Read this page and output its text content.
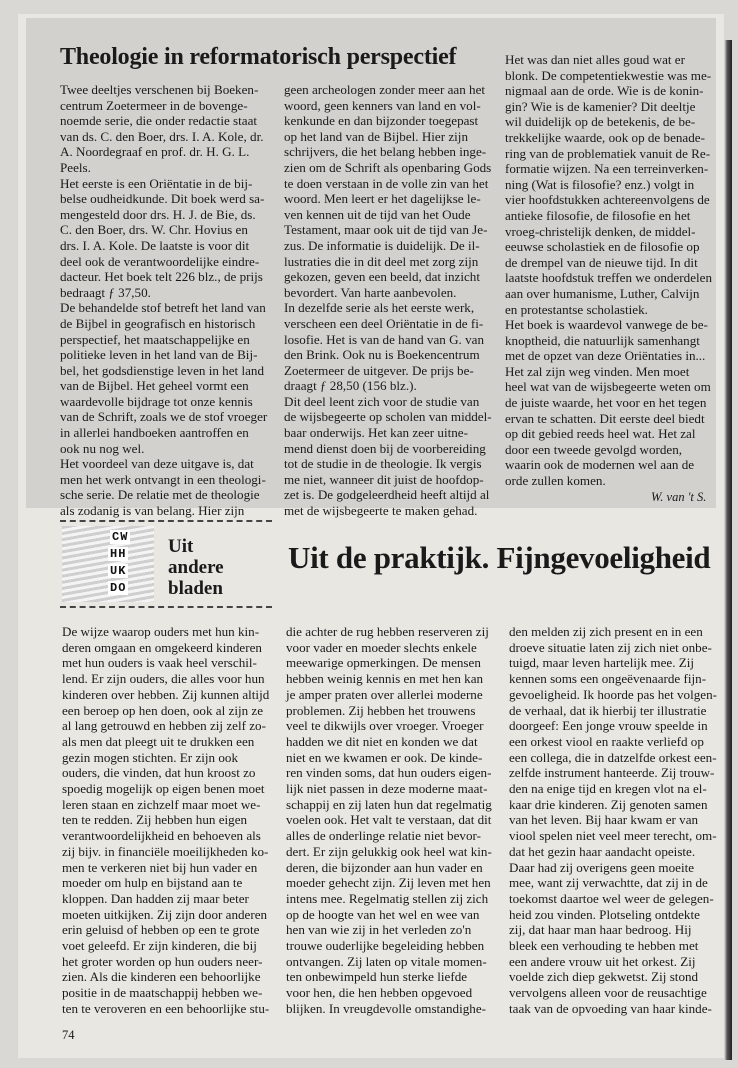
Theologie in reformatorisch perspectief

Twee deeltjes verschenen bij Boeken-

centrum Zoetermeer in de bovenge-

noemde serie, die onder redactie staat

van ds. C. den Boer, drs. I. A. Kole, dr.

A. Noordegraaf en prof. dr. H. G. L.

Peels.

Het eerste is een Oriëntatie in de bij-

belse oudheidkunde. Dit boek werd sa-

mengesteld door drs. H. J. de Bie, ds.

C. den Boer, drs. W. Chr. Hovius en

drs. I. A. Kole. De laatste is voor dit

deel ook de verantwoordelijke eindre-

dacteur. Het boek telt 226 blz., de prijs

bedraagt ƒ 37,50.

De behandelde stof betreft het land van

de Bijbel in geografisch en historisch

perspectief, het maatschappelijke en

politieke leven in het land van de Bij-

bel, het godsdienstige leven in het land

van de Bijbel. Het geheel vormt een

waardevolle bijdrage tot onze kennis

van de Schrift, zoals we de stof vroeger

in allerlei handboeken aantroffen en

ook nu nog wel.

Het voordeel van deze uitgave is, dat

men het werk ontvangt in een theologi-

sche serie. De relatie met de theologie

als zodanig is van belang. Hier zijn

geen archeologen zonder meer aan het

woord, geen kenners van land en vol-

kenkunde en dan bijzonder toegepast

op het land van de Bijbel. Hier zijn

schrijvers, die het belang hebben inge-

zien om de Schrift als openbaring Gods

te doen verstaan in de volle zin van het

woord. Men leert er het dagelijkse le-

ven kennen uit de tijd van het Oude

Testament, maar ook uit de tijd van Je-

zus. De informatie is duidelijk. De il-

lustraties die in dit deel met zorg zijn

gekozen, geven een beeld, dat inzicht

bevordert. Van harte aanbevolen.

In dezelfde serie als het eerste werk,

verscheen een deel Oriëntatie in de fi-

losofie. Het is van de hand van G. van

den Brink. Ook nu is Boekencentrum

Zoetermeer de uitgever. De prijs be-

draagt ƒ 28,50 (156 blz.).

Dit deel leent zich voor de studie van

de wijsbegeerte op scholen van middel-

baar onderwijs. Het kan zeer uitne-

mend dienst doen bij de voorbereiding

tot de studie in de theologie. Ik vergis

me niet, wanneer dit juist de hoofdop-

zet is. De godgeleerdheid heeft altijd al

met de wijsbegeerte te maken gehad.

Het was dan niet alles goud wat er

blonk. De competentiekwestie was me-

nigmaal aan de orde. Wie is de konin-

gin? Wie is de kamenier? Dit deeltje

wil duidelijk op de betekenis, de be-

trekkelijke waarde, ook op de benade-

ring van de problematiek vanuit de Re-

formatie wijzen. Na een terreinverken-

ning (Wat is filosofie? enz.) volgt in

vier hoofdstukken achtereenvolgens de

antieke filosofie, de filosofie en het

vroeg-christelijk denken, de middel-

eeuwse scholastiek en de filosofie op

de drempel van de nieuwe tijd. In dit

laatste hoofdstuk treffen we onderdelen

aan over humanisme, Luther, Calvijn

en protestantse scholastiek.

Het boek is waardevol vanwege de be-

knoptheid, die natuurlijk samenhangt

met de opzet van deze Oriëntaties in...

Het zal zijn weg vinden. Men moet

heel wat van de wijsbegeerte weten om

de juiste waarde, het voor en het tegen

ervan te schatten. Dit eerste deel biedt

op dit gebied reeds heel wat. Het zal

door een tweede gevolgd worden,

waarin ook de modernen wel aan de

orde zullen komen.

W. van 't S.
CW
HH
UK
DO
Uit
andere
bladen
Uit de praktijk. Fijngevoeligheid

De wijze waarop ouders met hun kin-

deren omgaan en omgekeerd kinderen

met hun ouders is vaak heel verschil-

lend. Er zijn ouders, die alles voor hun

kinderen over hebben. Zij kunnen altijd

een beroep op hen doen, ook al zijn ze

al lang getrouwd en hebben zij zelf zo-

als men dat pleegt uit te drukken een

gezin mogen stichten. Er zijn ook

ouders, die vinden, dat hun kroost zo

spoedig mogelijk op eigen benen moet

leren staan en zichzelf maar moet we-

ten te redden. Zij hebben hun eigen

verantwoordelijkheid en behoeven als

zij bijv. in financiële moeilijkheden ko-

men te verkeren niet bij hun vader en

moeder om hulp en bijstand aan te

kloppen. Dan hadden zij maar beter

moeten uitkijken. Zij zijn door anderen

erin geluisd of hebben op een te grote

voet geleefd. Er zijn kinderen, die bij

het groter worden op hun ouders neer-

zien. Als die kinderen een behoorlijke

positie in de maatschappij hebben we-

ten te veroveren en een behoorlijke stu-

die achter de rug hebben reserveren zij

voor vader en moeder slechts enkele

meewarige opmerkingen. De mensen

hebben weinig kennis en met hen kan

je amper praten over allerlei moderne

problemen. Zij hebben het trouwens

veel te dikwijls over vroeger. Vroeger

hadden we dit niet en konden we dat

niet en we kwamen er ook. De kinde-

ren vinden soms, dat hun ouders eigen-

lijk niet passen in deze moderne maat-

schappij en zij laten hun dat regelmatig

voelen ook. Het valt te verstaan, dat dit

alles de onderlinge relatie niet bevor-

dert. Er zijn gelukkig ook heel wat kin-

deren, die bijzonder aan hun vader en

moeder gehecht zijn. Zij leven met hen

intens mee. Regelmatig stellen zij zich

op de hoogte van het wel en wee van

hen van wie zij in het verleden zo'n

trouwe ouderlijke begeleiding hebben

ontvangen. Zij laten op vitale momen-

ten onbewimpeld hun sterke liefde

voor hen, die hen hebben opgevoed

blijken. In vreugdevolle omstandighe-

den melden zij zich present en in een

droeve situatie laten zij zich niet onbe-

tuigd, maar leven hartelijk mee. Zij

kennen soms een ongeëvenaarde fijn-

gevoeligheid. Ik hoorde pas het volgen-

de verhaal, dat ik hierbij ter illustratie

doorgeef: Een jonge vrouw speelde in

een orkest viool en raakte verliefd op

een collega, die in datzelfde orkest een-

zelfde instrument hanteerde. Zij trouw-

den na enige tijd en kregen vlot na el-

kaar drie kinderen. Zij genoten samen

van het leven. Bij haar kwam er van

viool spelen niet veel meer terecht, om-

dat het gezin haar aandacht opeiste.

Daar had zij overigens geen moeite

mee, want zij verwachtte, dat zij in de

toekomst daartoe wel weer de gelegen-

heid zou vinden. Plotseling ontdekte

zij, dat haar man haar bedroog. Hij

bleek een verhouding te hebben met

een andere vrouw uit het orkest. Zij

voelde zich diep gekwetst. Zij stond

vervolgens alleen voor de reusachtige

taak van de opvoeding van haar kinde-

74
